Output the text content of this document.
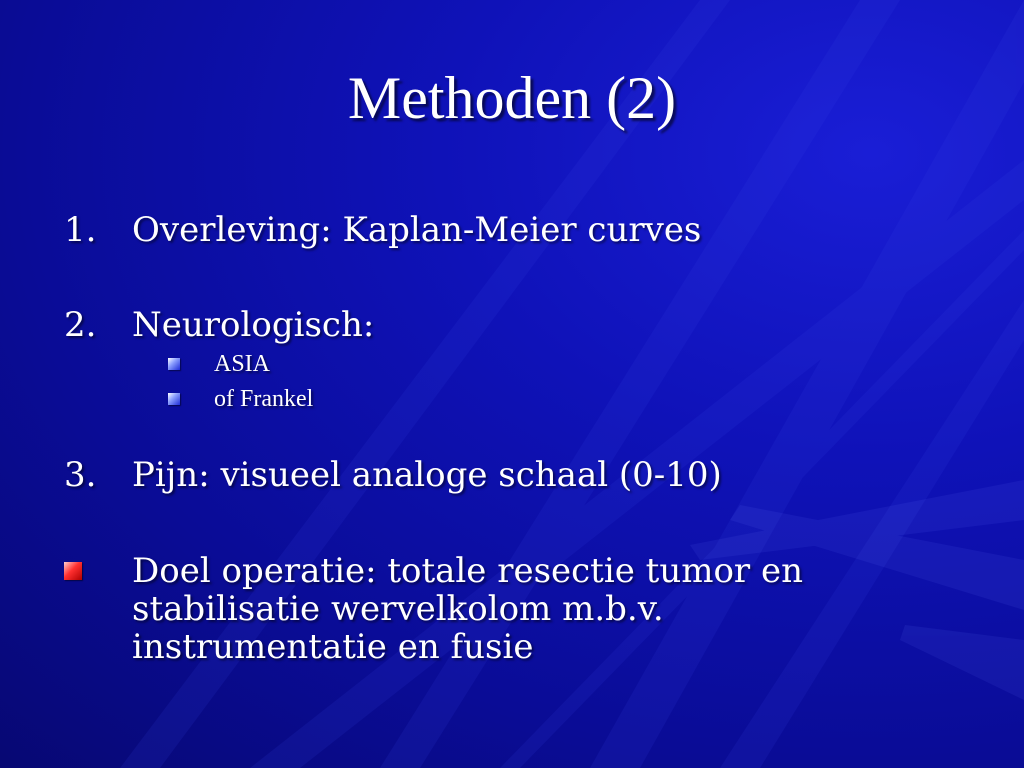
Methoden (2)
1. Overleving: Kaplan-Meier curves
2. Neurologisch:
ASIA
of Frankel
3. Pijn: visueel analoge schaal (0-10)
Doel operatie: totale resectie tumor en
stabilisatie wervelkolom m.b.v.
instrumentatie en fusie
